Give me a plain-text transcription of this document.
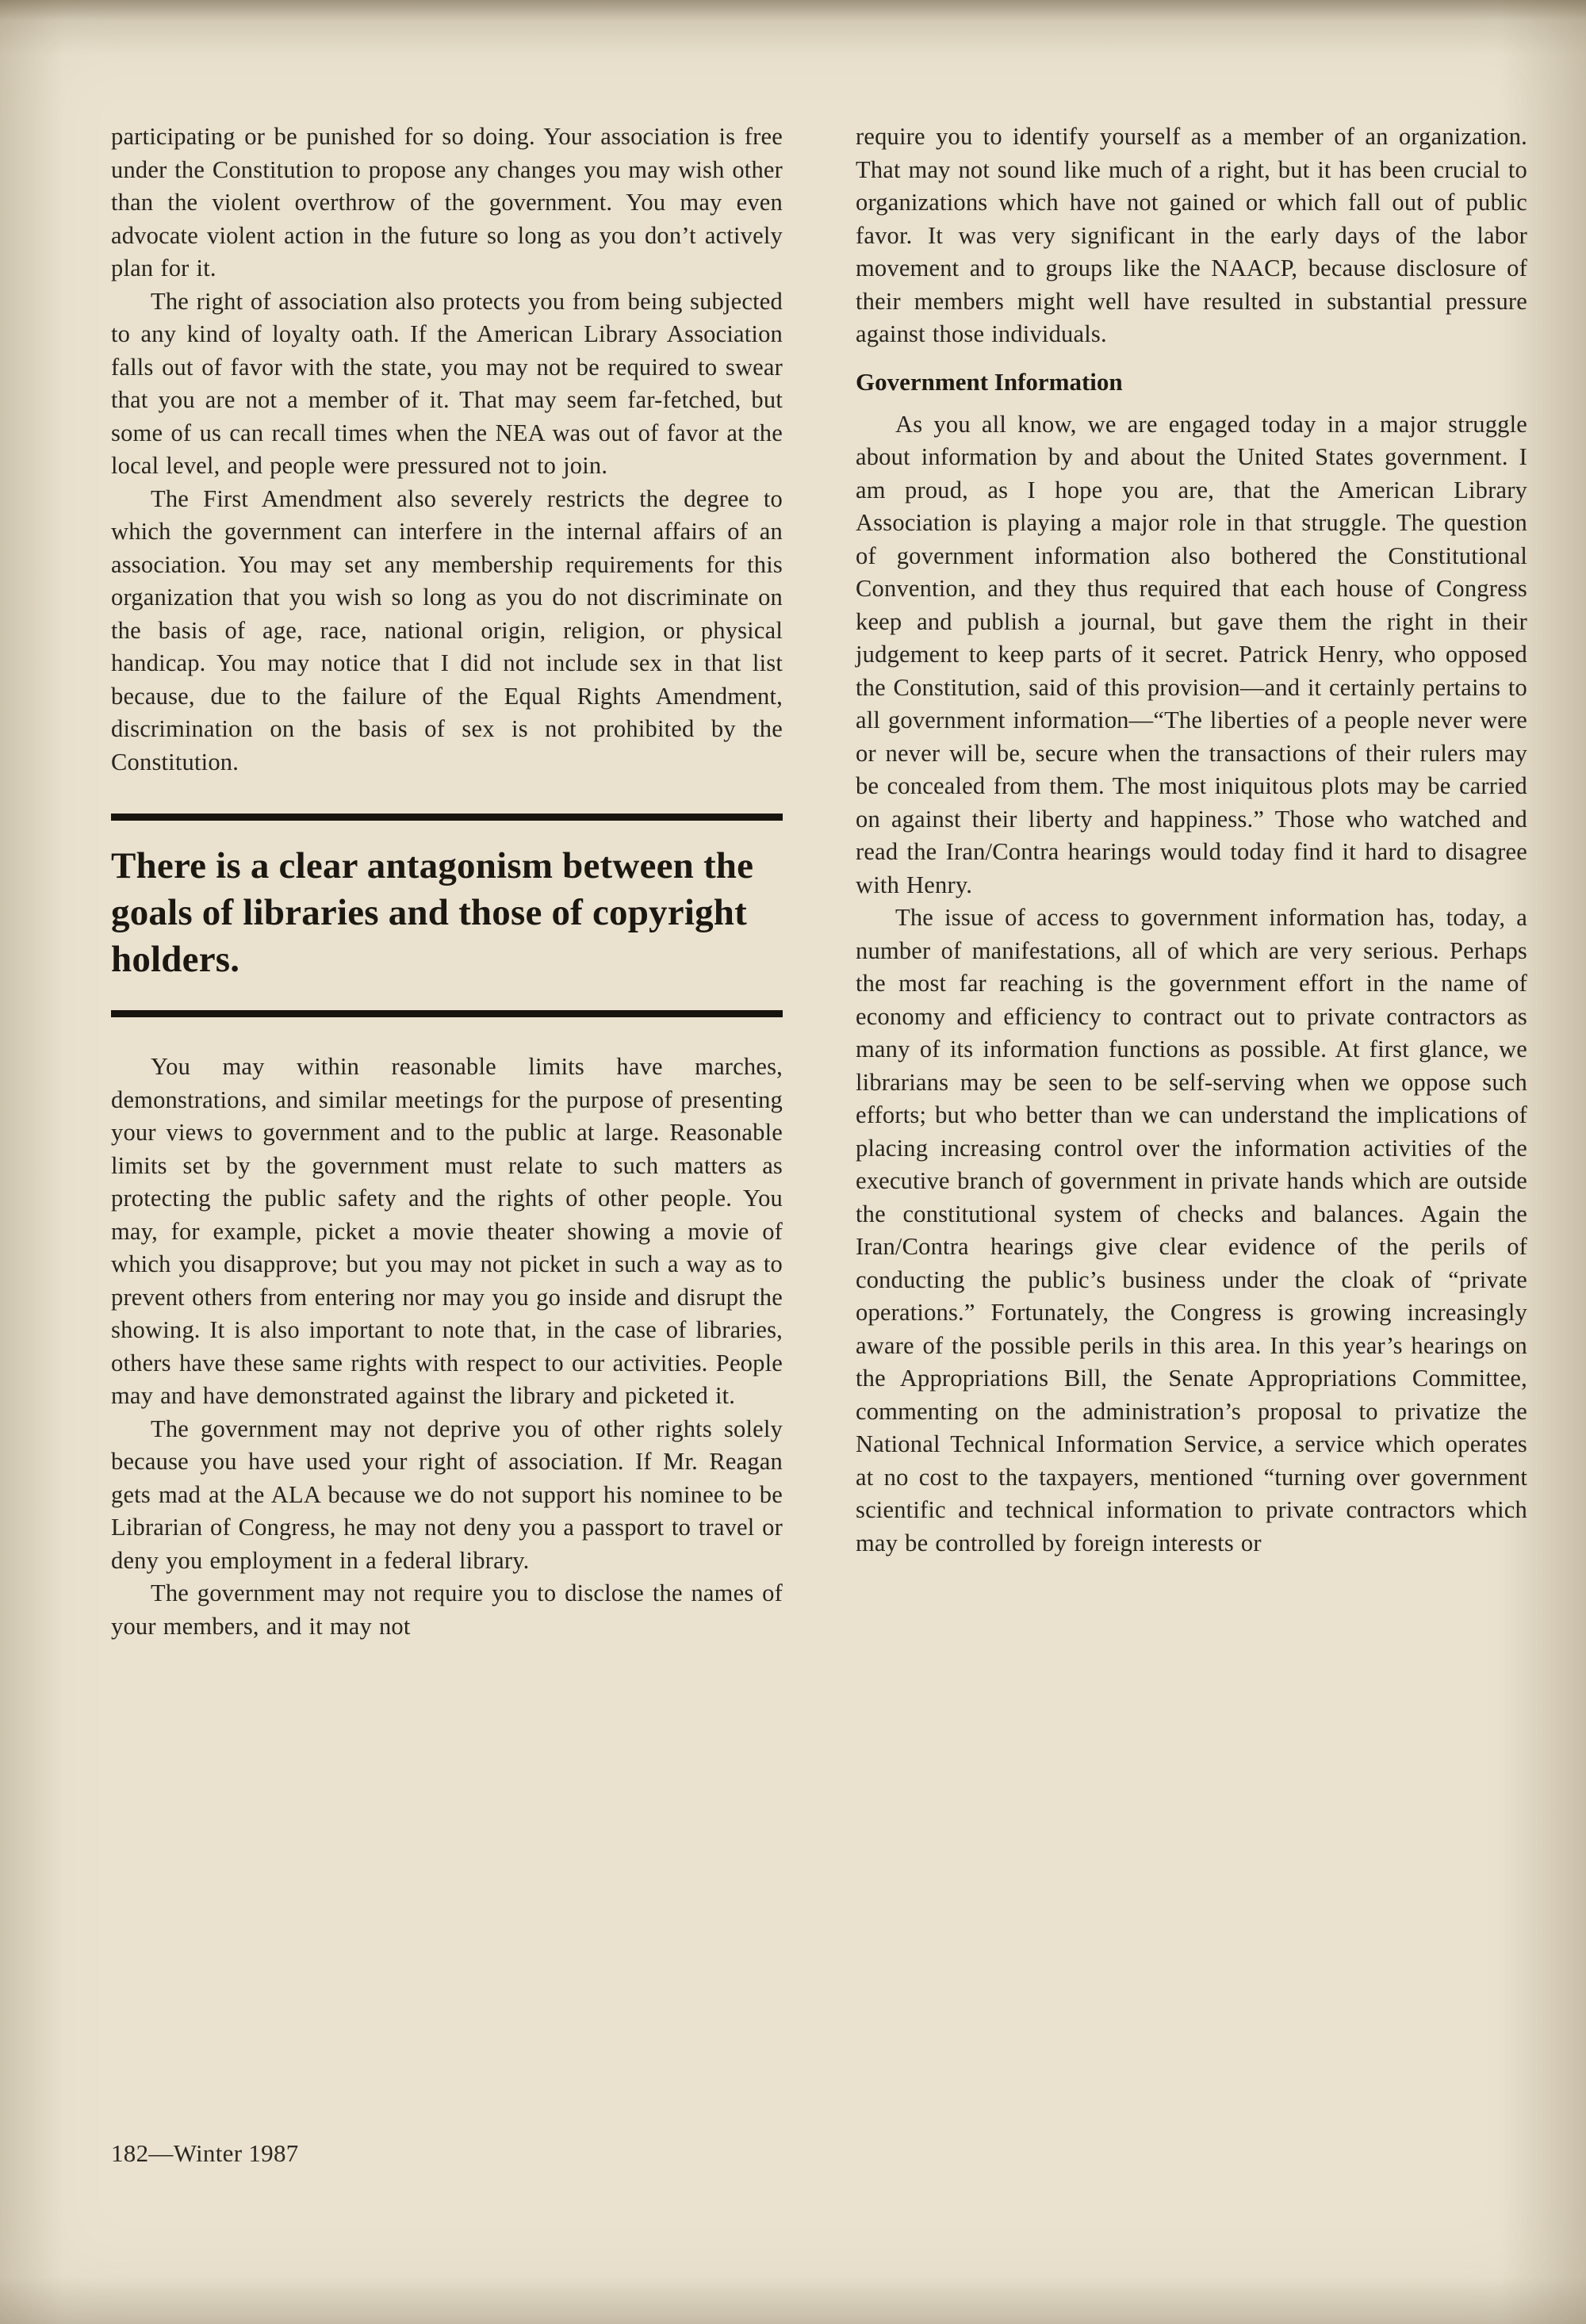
participating or be punished for so doing. Your association is free under the Constitution to propose any changes you may wish other than the violent overthrow of the government. You may even advocate violent action in the future so long as you don’t actively plan for it.

The right of association also protects you from being subjected to any kind of loyalty oath. If the American Library Association falls out of favor with the state, you may not be required to swear that you are not a member of it. That may seem far-fetched, but some of us can recall times when the NEA was out of favor at the local level, and people were pressured not to join.

The First Amendment also severely restricts the degree to which the government can interfere in the internal affairs of an association. You may set any membership requirements for this organization that you wish so long as you do not discriminate on the basis of age, race, national origin, religion, or physical handicap. You may notice that I did not include sex in that list because, due to the failure of the Equal Rights Amendment, discrimination on the basis of sex is not prohibited by the Constitution.

There is a clear antagonism between the goals of libraries and those of copyright holders.

You may within reasonable limits have marches, demonstrations, and similar meetings for the purpose of presenting your views to government and to the public at large. Reasonable limits set by the government must relate to such matters as protecting the public safety and the rights of other people. You may, for example, picket a movie theater showing a movie of which you disapprove; but you may not picket in such a way as to prevent others from entering nor may you go inside and disrupt the showing. It is also important to note that, in the case of libraries, others have these same rights with respect to our activities. People may and have demonstrated against the library and picketed it.

The government may not deprive you of other rights solely because you have used your right of association. If Mr. Reagan gets mad at the ALA because we do not support his nominee to be Librarian of Congress, he may not deny you a passport to travel or deny you employment in a federal library.

The government may not require you to disclose the names of your members, and it may not

require you to identify yourself as a member of an organization. That may not sound like much of a right, but it has been crucial to organizations which have not gained or which fall out of public favor. It was very significant in the early days of the labor movement and to groups like the NAACP, because disclosure of their members might well have resulted in substantial pressure against those individuals.

Government Information

As you all know, we are engaged today in a major struggle about information by and about the United States government. I am proud, as I hope you are, that the American Library Association is playing a major role in that struggle. The question of government information also bothered the Constitutional Convention, and they thus required that each house of Congress keep and publish a journal, but gave them the right in their judgement to keep parts of it secret. Patrick Henry, who opposed the Constitution, said of this provision—and it certainly pertains to all government information—“The liberties of a people never were or never will be, secure when the transactions of their rulers may be concealed from them. The most iniquitous plots may be carried on against their liberty and happiness.” Those who watched and read the Iran/Contra hearings would today find it hard to disagree with Henry.

The issue of access to government information has, today, a number of manifestations, all of which are very serious. Perhaps the most far reaching is the government effort in the name of economy and efficiency to contract out to private contractors as many of its information functions as possible. At first glance, we librarians may be seen to be self-serving when we oppose such efforts; but who better than we can understand the implications of placing increasing control over the information activities of the executive branch of government in private hands which are outside the constitutional system of checks and balances. Again the Iran/Contra hearings give clear evidence of the perils of conducting the public’s business under the cloak of “private operations.” Fortunately, the Congress is growing increasingly aware of the possible perils in this area. In this year’s hearings on the Appropriations Bill, the Senate Appropriations Committee, commenting on the administration’s proposal to privatize the National Technical Information Service, a service which operates at no cost to the taxpayers, mentioned “turning over government scientific and technical information to private contractors which may be controlled by foreign interests or

182—Winter 1987
